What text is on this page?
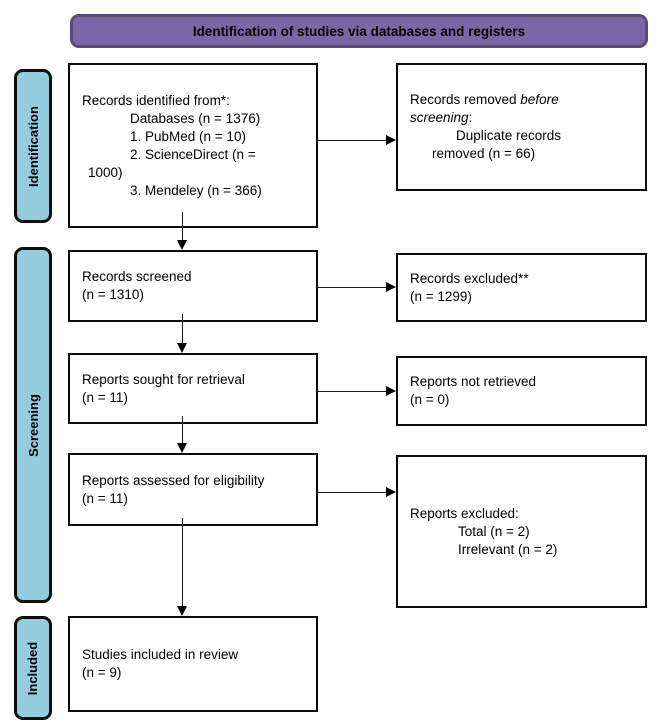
Identification of studies via databases and registers
Identification
Screening
Included
Records identified from*:
Databases (n = 1376)
1. PubMed (n = 10)
2. ScienceDirect (n =
1000)
3. Mendeley (n = 366)
Records screened
(n = 1310)
Reports sought for retrieval
(n = 11)
Reports assessed for eligibility
(n = 11)
Studies included in review
(n = 9)
Records removed before
screening:
Duplicate records
removed (n = 66)
Records excluded**
(n = 1299)
Reports not retrieved
(n = 0)
Reports excluded:
Total (n = 2)
Irrelevant (n = 2)
